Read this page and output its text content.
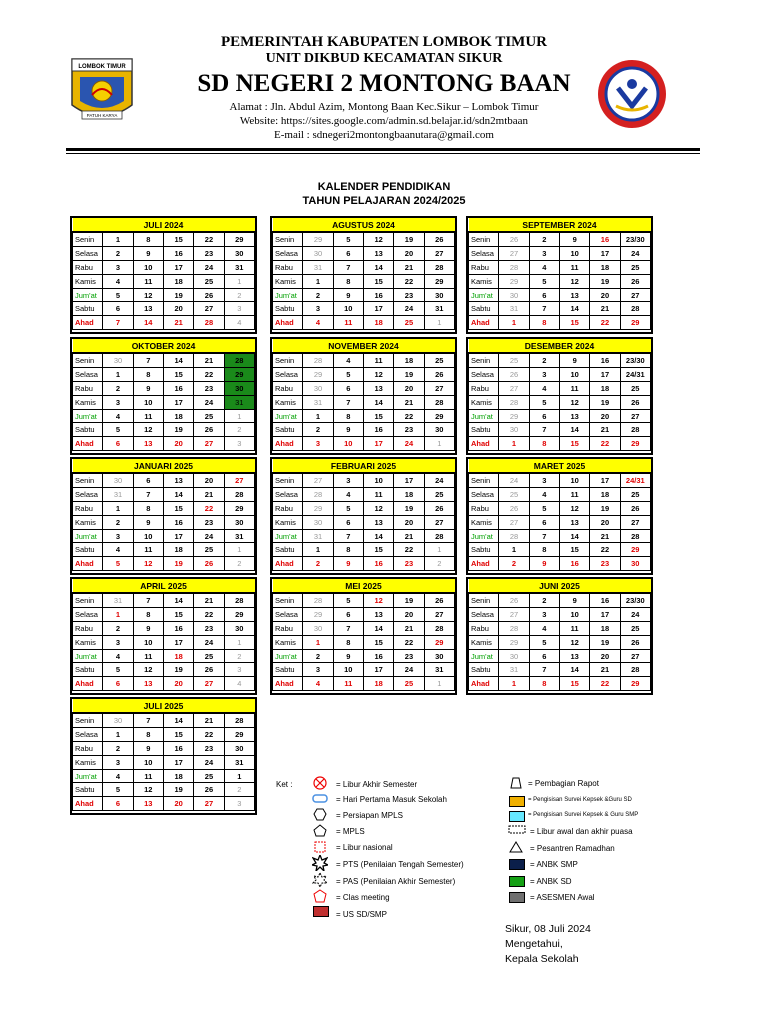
LOMBOK TIMUR
PATUH KARYA
PEMERINTAH KABUPATEN LOMBOK TIMUR
UNIT DIKBUD KECAMATAN SIKUR
SD NEGERI 2 MONTONG BAAN
Alamat : Jln. Abdul Azim, Montong Baan Kec.Sikur – Lombok Timur
Website: https://sites.google.com/admin.sd.belajar.id/sdn2mtbaan
E-mail : sdnegeri2montongbaanutara@gmail.com
KALENDER PENDIDIKAN
TAHUN PELAJARAN 2024/2025
JULI 2024					
Senin	1	8	15	22	29
Selasa	2	9	16	23	30
Rabu	3	10	17	24	31
Kamis	4	11	18	25	1
Jum'at	5	12	19	26	2
Sabtu	6	13	20	27	3
Ahad	7	14	21	28	4
AGUSTUS 2024					
Senin	29	5	12	19	26
Selasa	30	6	13	20	27
Rabu	31	7	14	21	28
Kamis	1	8	15	22	29
Jum'at	2	9	16	23	30
Sabtu	3	10	17	24	31
Ahad	4	11	18	25	1
SEPTEMBER 2024					
Senin	26	2	9	16	23/30
Selasa	27	3	10	17	24
Rabu	28	4	11	18	25
Kamis	29	5	12	19	26
Jum'at	30	6	13	20	27
Sabtu	31	7	14	21	28
Ahad	1	8	15	22	29
OKTOBER 2024					
Senin	30	7	14	21	28
Selasa	1	8	15	22	29
Rabu	2	9	16	23	30
Kamis	3	10	17	24	31
Jum'at	4	11	18	25	1
Sabtu	5	12	19	26	2
Ahad	6	13	20	27	3
NOVEMBER 2024					
Senin	28	4	11	18	25
Selasa	29	5	12	19	26
Rabu	30	6	13	20	27
Kamis	31	7	14	21	28
Jum'at	1	8	15	22	29
Sabtu	2	9	16	23	30
Ahad	3	10	17	24	1
DESEMBER 2024					
Senin	25	2	9	16	23/30
Selasa	26	3	10	17	24/31
Rabu	27	4	11	18	25
Kamis	28	5	12	19	26
Jum'at	29	6	13	20	27
Sabtu	30	7	14	21	28
Ahad	1	8	15	22	29
JANUARI 2025					
Senin	30	6	13	20	27
Selasa	31	7	14	21	28
Rabu	1	8	15	22	29
Kamis	2	9	16	23	30
Jum'at	3	10	17	24	31
Sabtu	4	11	18	25	1
Ahad	5	12	19	26	2
FEBRUARI 2025					
Senin	27	3	10	17	24
Selasa	28	4	11	18	25
Rabu	29	5	12	19	26
Kamis	30	6	13	20	27
Jum'at	31	7	14	21	28
Sabtu	1	8	15	22	1
Ahad	2	9	16	23	2
MARET 2025					
Senin	24	3	10	17	24/31
Selasa	25	4	11	18	25
Rabu	26	5	12	19	26
Kamis	27	6	13	20	27
Jum'at	28	7	14	21	28
Sabtu	1	8	15	22	29
Ahad	2	9	16	23	30
APRIL 2025					
Senin	31	7	14	21	28
Selasa	1	8	15	22	29
Rabu	2	9	16	23	30
Kamis	3	10	17	24	1
Jum'at	4	11	18	25	2
Sabtu	5	12	19	26	3
Ahad	6	13	20	27	4
MEI 2025					
Senin	28	5	12	19	26
Selasa	29	6	13	20	27
Rabu	30	7	14	21	28
Kamis	1	8	15	22	29
Jum'at	2	9	16	23	30
Sabtu	3	10	17	24	31
Ahad	4	11	18	25	1
JUNI 2025					
Senin	26	2	9	16	23/30
Selasa	27	3	10	17	24
Rabu	28	4	11	18	25
Kamis	29	5	12	19	26
Jum'at	30	6	13	20	27
Sabtu	31	7	14	21	28
Ahad	1	8	15	22	29
JULI 2025					
Senin	30	7	14	21	28
Selasa	1	8	15	22	29
Rabu	2	9	16	23	30
Kamis	3	10	17	24	31
Jum'at	4	11	18	25	1
Sabtu	5	12	19	26	2
Ahad	6	13	20	27	3
Ket :	= Libur Akhir Semester
= Hari Pertama Masuk Sekolah
= Persiapan MPLS
= MPLS
= Libur nasional
= PTS (Penilaian Tengah Semester)
= PAS (Penilaian Akhir Semester)
= Clas meeting
= US SD/SMP
= Pembagian Rapot
= Pengisisan Survei Kepsek &Guru SD
= Pengisisan Survei Kepsek & Guru SMP
= Libur awal dan akhir puasa
= Pesantren Ramadhan
= ANBK SMP
= ANBK SD
= ASESMEN Awal
Sikur, 08 Juli 2024
Mengetahui,
Kepala Sekolah
